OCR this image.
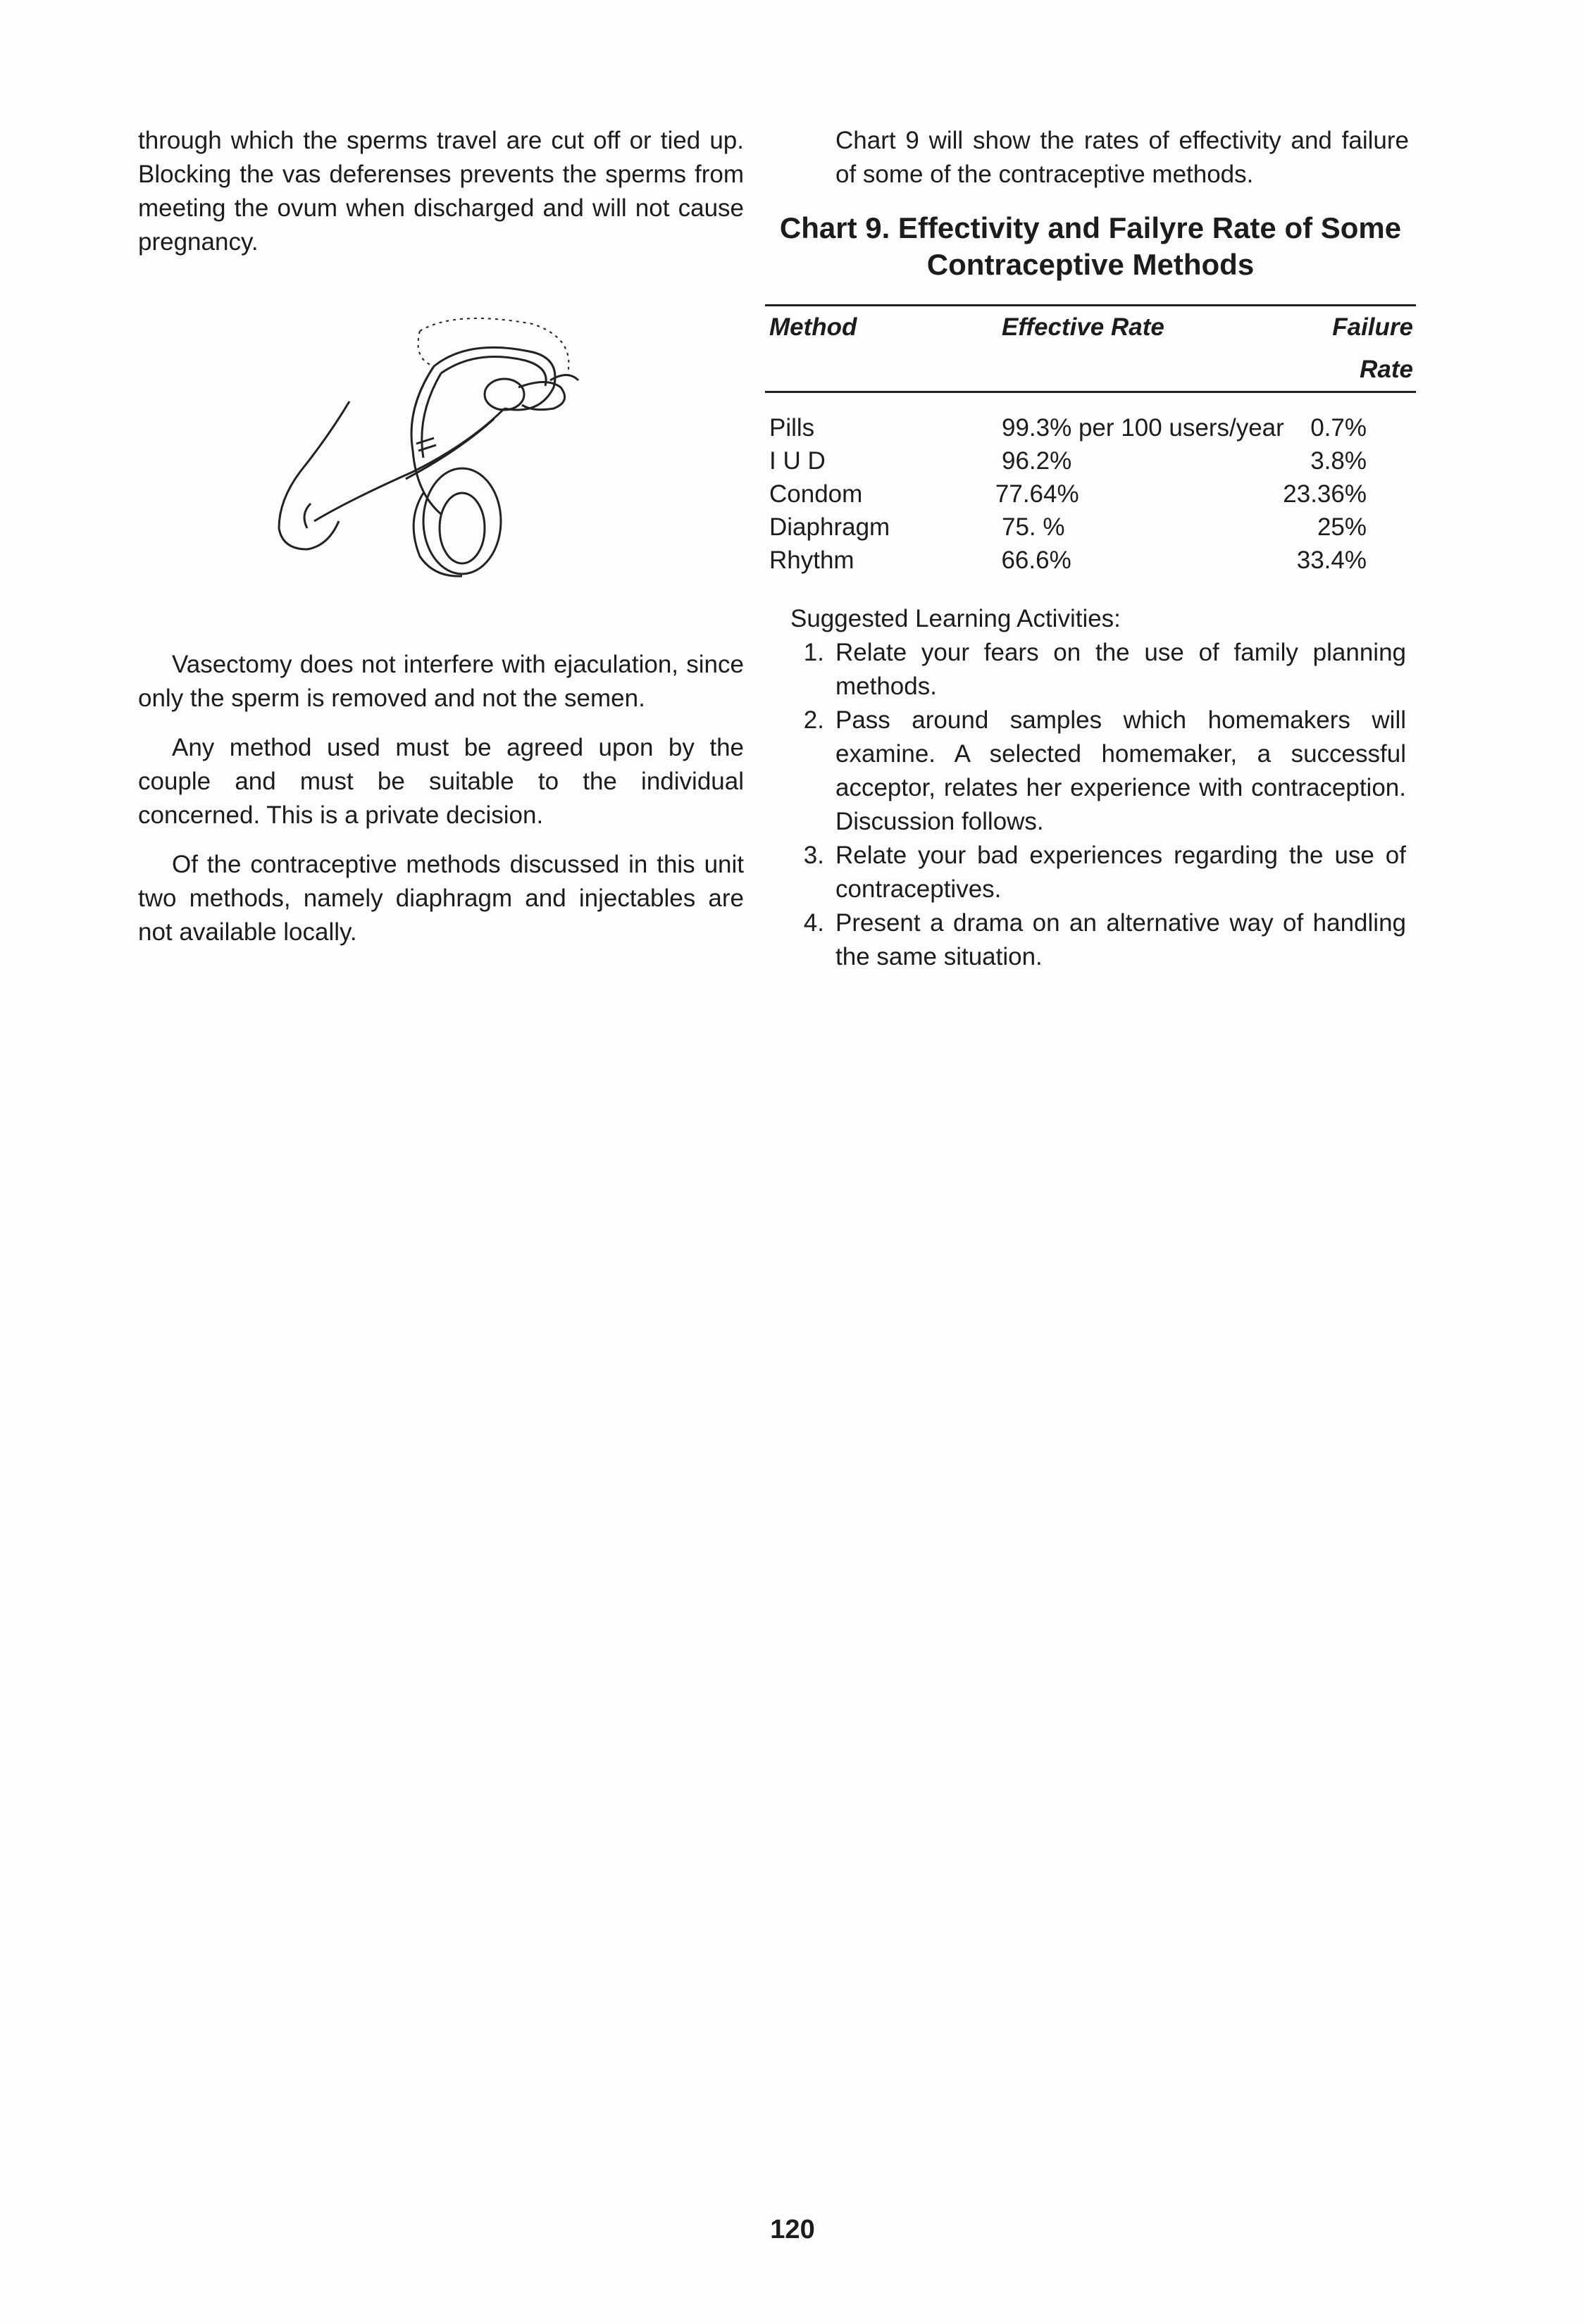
through which the sperms travel are cut off or tied up. Blocking the vas deferenses prevents the sperms from meeting the ovum when discharged and will not cause pregnancy.

Vasectomy does not interfere with ejaculation, since only the sperm is removed and not the semen.

Any method used must be agreed upon by the couple and must be suitable to the individual concerned. This is a private decision.

Of the contraceptive methods discussed in this unit two methods, namely diaphragm and injectables are not available locally.

Chart 9 will show the rates of effectivity and failure of some of the contraceptive methods.

Chart 9. Effectivity and Failyre Rate of Some
Contraceptive Methods
Method	Effective Rate	Failure Rate
Pills	99.3% per 100 users/year	0.7%
I U D	96.2%	3.8%
Condom	77.64%	23.36%
Diaphragm	75. %	25%
Rhythm	66.6%	33.4%
Suggested Learning Activities:
1. Relate your fears on the use of family planning methods.
2. Pass around samples which homemakers will examine. A selected homemaker, a successful acceptor, relates her experience with contraception. Discussion follows.
3. Relate your bad experiences regarding the use of contraceptives.
4. Present a drama on an alternative way of handling the same situation.
120
